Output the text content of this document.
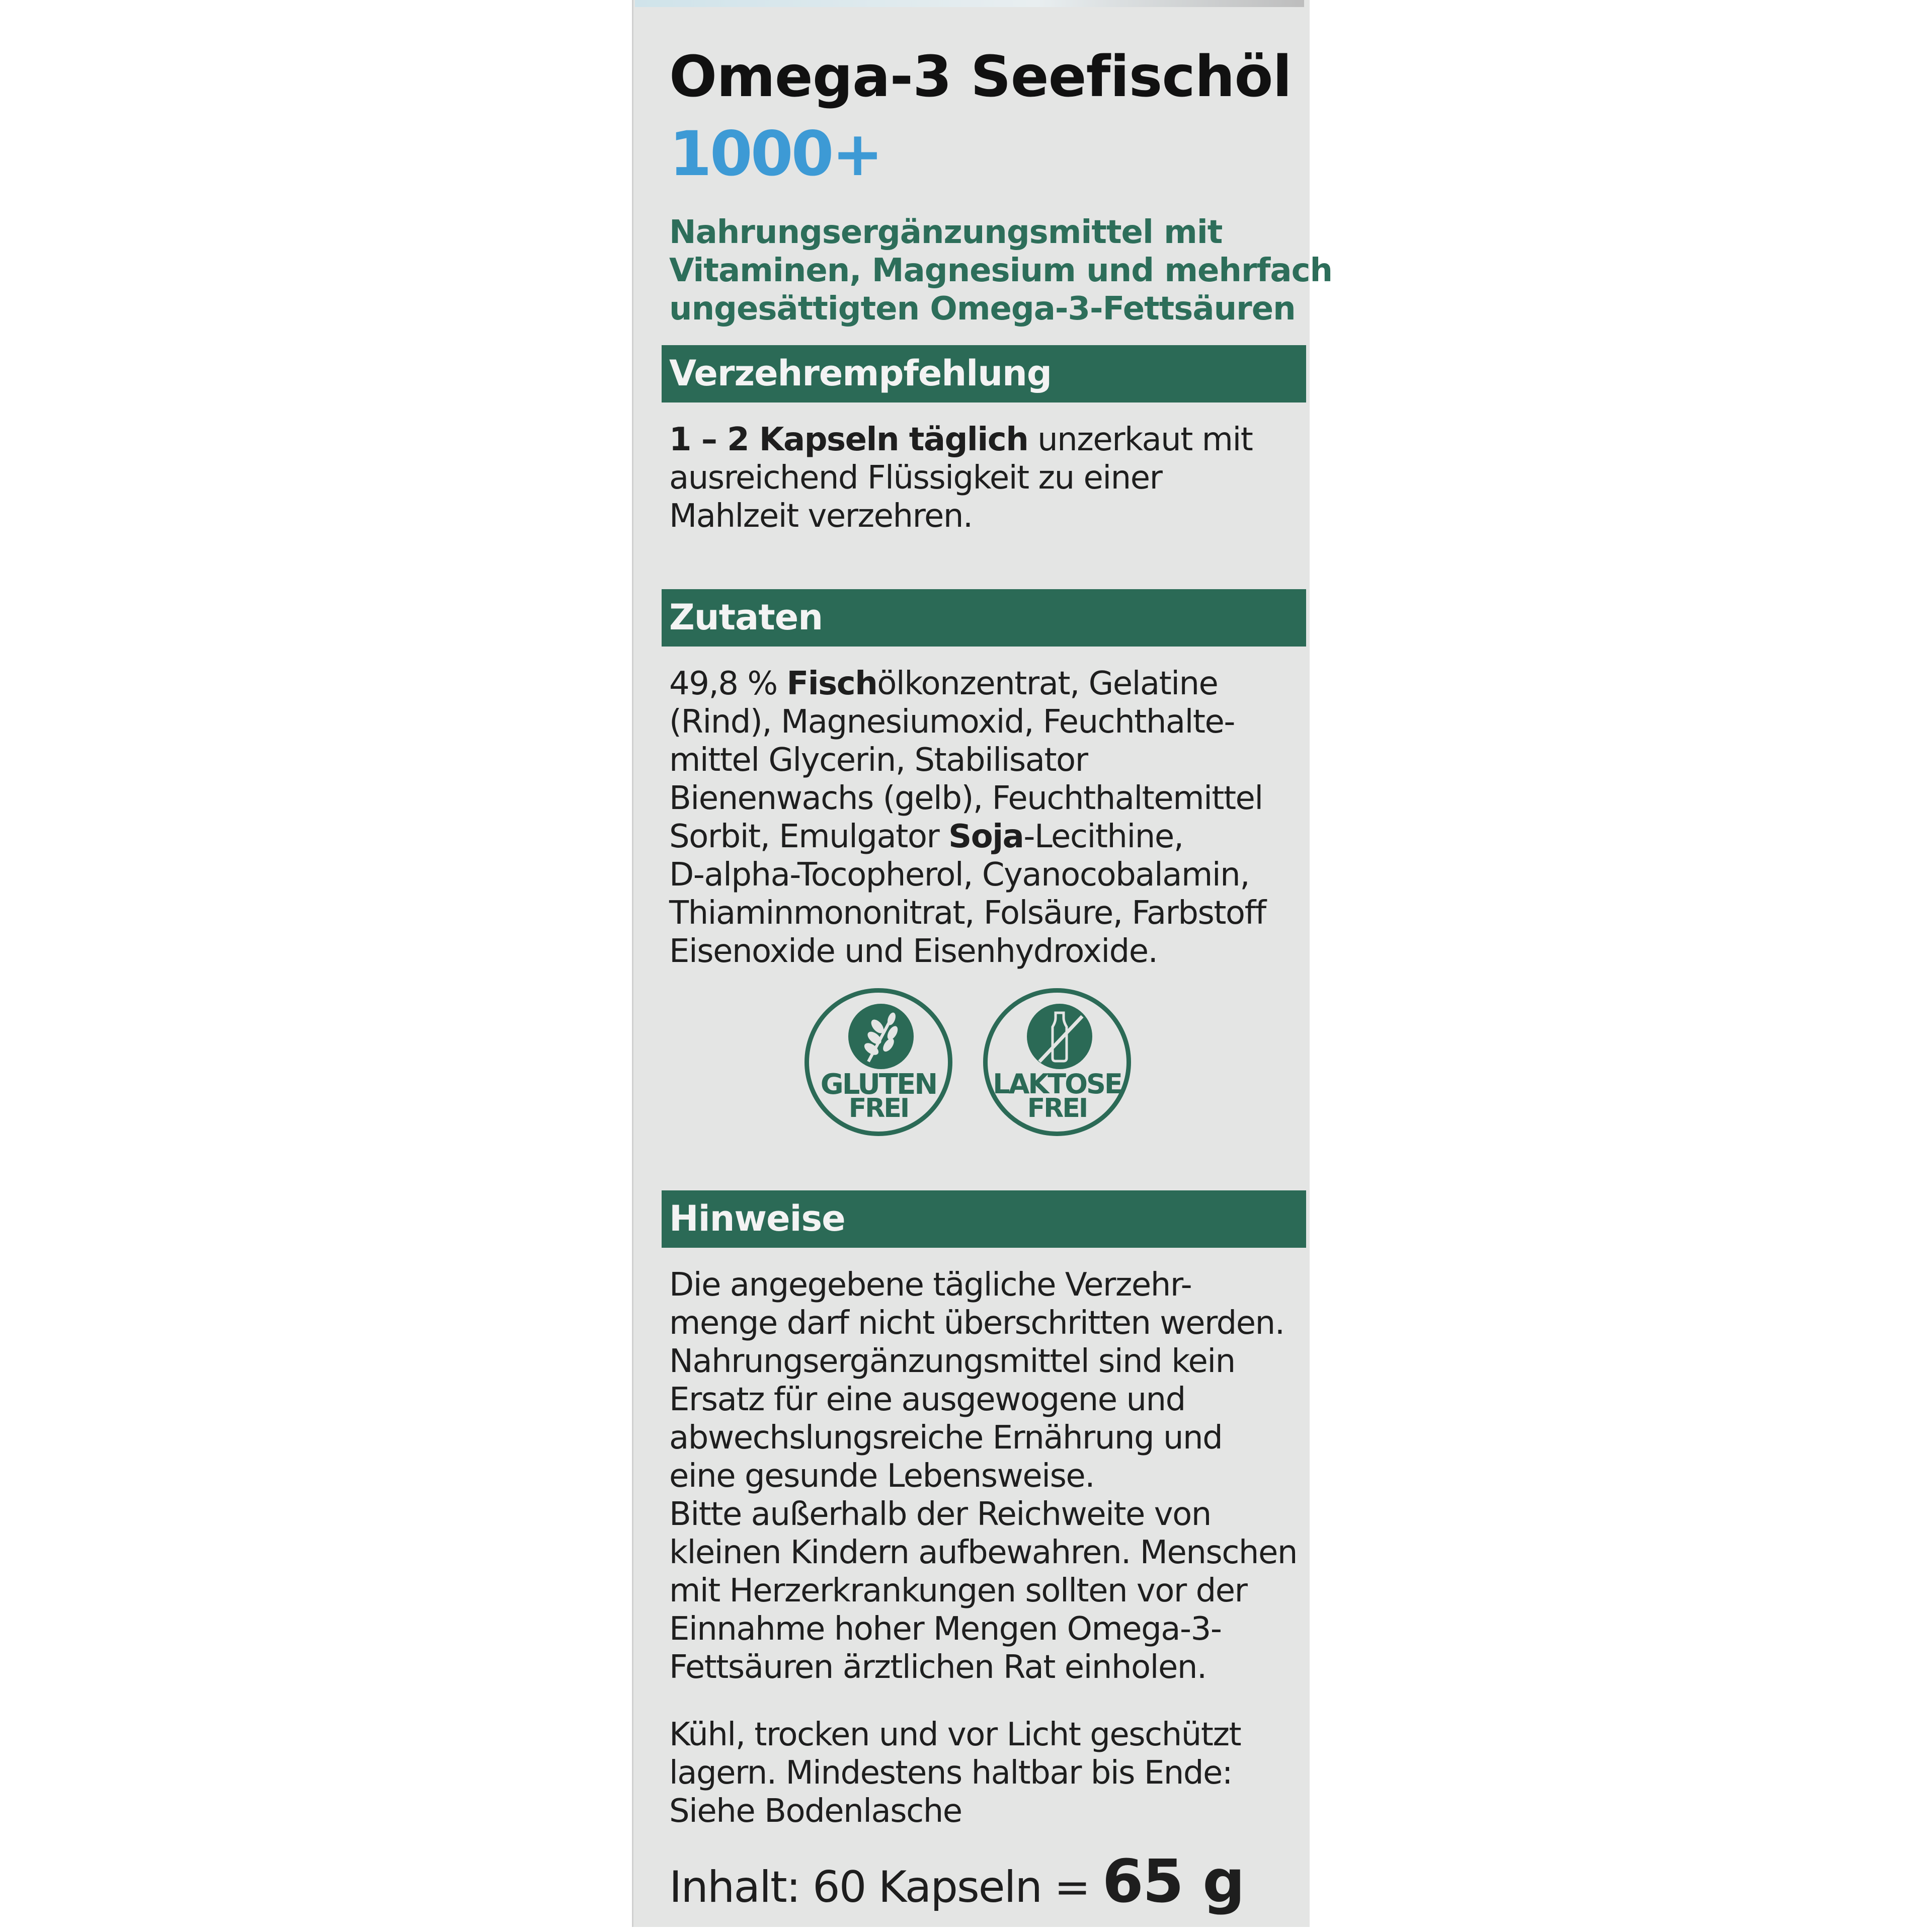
Omega-3 Seefischöl
1000+
Nahrungsergänzungsmittel mit
Vitaminen, Magnesium und mehrfach
ungesättigten Omega-3-Fettsäuren
Verzehrempfehlung
1 – 2 Kapseln täglich unzerkaut mit
ausreichend Flüssigkeit zu einer
Mahlzeit verzehren.
Zutaten
49,8 % Fischölkonzentrat, Gelatine
(Rind), Magnesiumoxid, Feuchthalte-
mittel Glycerin, Stabilisator
Bienenwachs (gelb), Feuchthaltemittel
Sorbit, Emulgator Soja-Lecithine,
D-alpha-Tocopherol, Cyanocobalamin,
Thiaminmononitrat, Folsäure, Farbstoff
Eisenoxide und Eisenhydroxide.
GLUTEN
FREI
LAKTOSE
FREI
Hinweise
Die angegebene tägliche Verzehr-
menge darf nicht überschritten werden.
Nahrungsergänzungsmittel sind kein
Ersatz für eine ausgewogene und
abwechslungsreiche Ernährung und
eine gesunde Lebensweise.
Bitte außerhalb der Reichweite von
kleinen Kindern aufbewahren. Menschen
mit Herzerkrankungen sollten vor der
Einnahme hoher Mengen Omega-3-
Fettsäuren ärztlichen Rat einholen.
Kühl, trocken und vor Licht geschützt
lagern. Mindestens haltbar bis Ende:
Siehe Bodenlasche
Inhalt: 60 Kapseln = 65 g
